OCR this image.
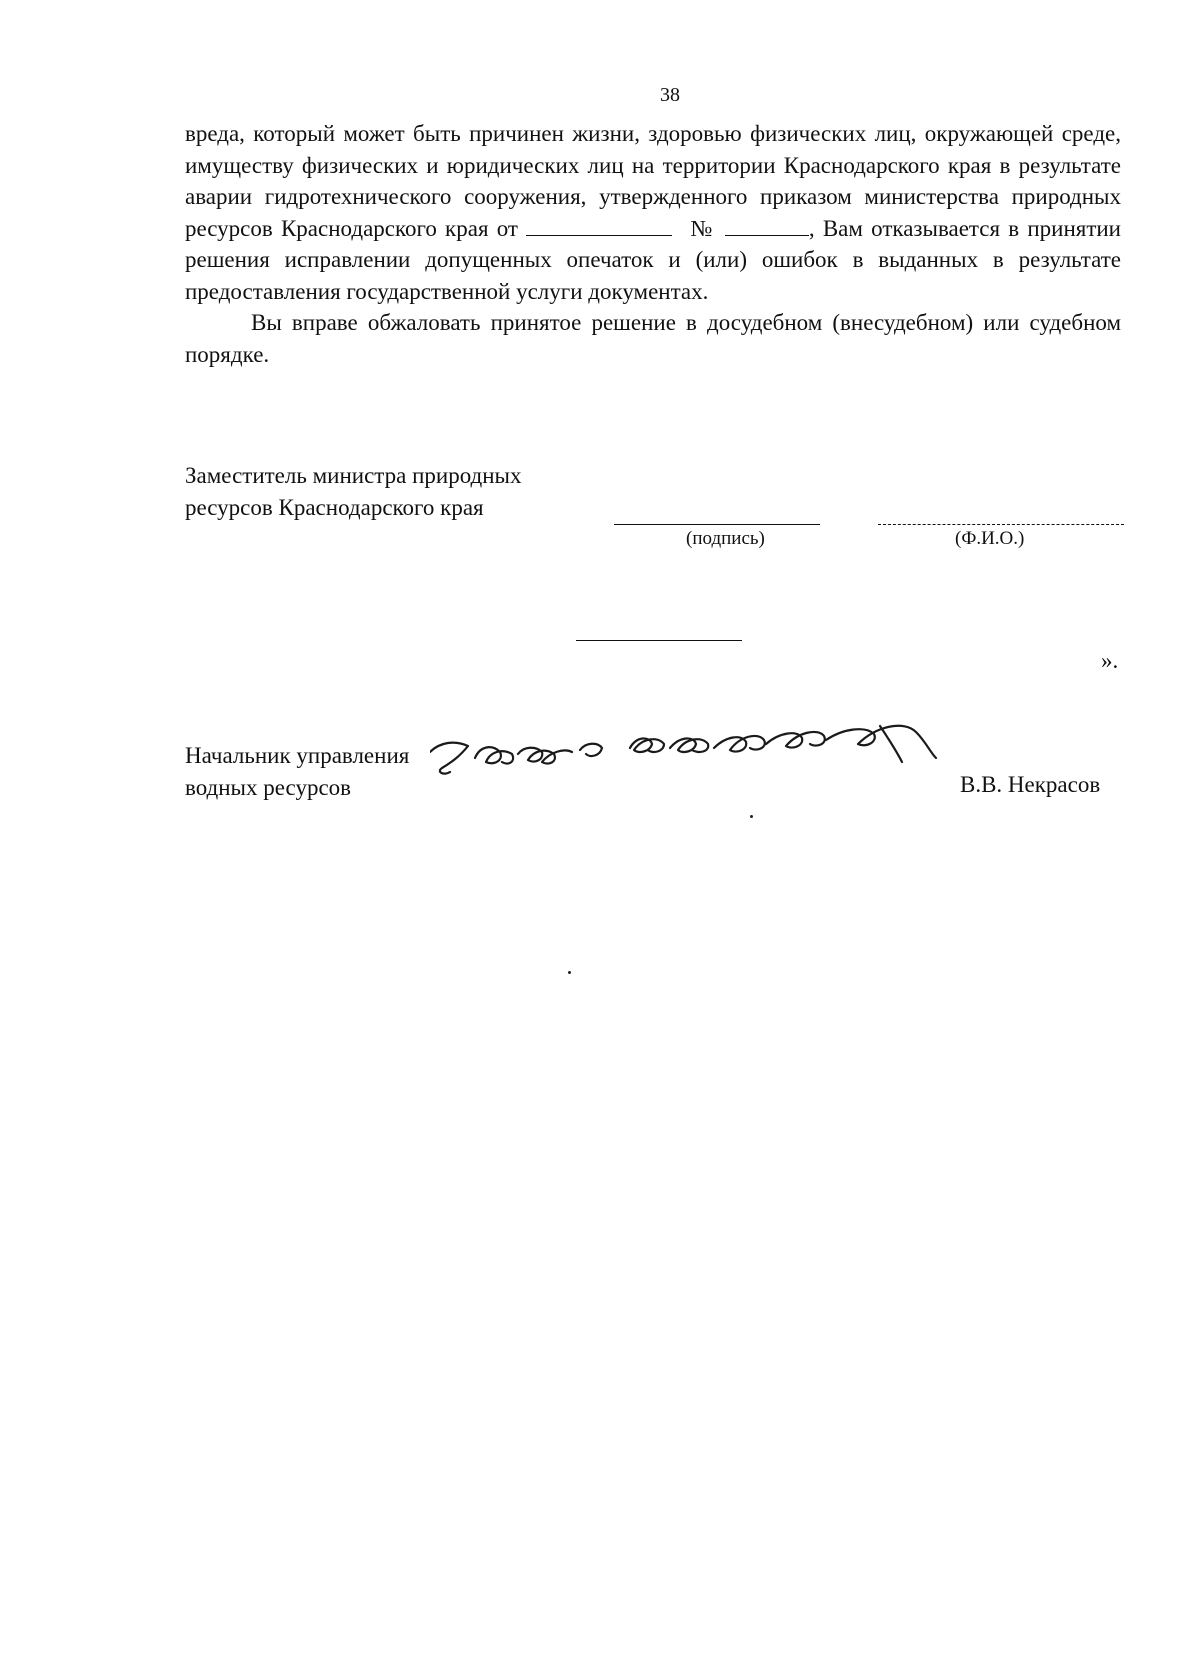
38

вреда, который может быть причинен жизни, здоровью физических лиц, окружающей среде, имуществу физических и юридических лиц на территории Краснодарского края в результате аварии гидротехнического сооружения, утвержденного приказом министерства природных ресурсов Краснодарского края от	№	, Вам отказывается в принятии решения исправлении допущенных опечаток и (или) ошибок в выданных в результате предоставления государственной услуги документах.

Вы вправе обжаловать принятое решение в досудебном (внесудебном) или судебном порядке.

Заместитель министра природных
ресурсов Краснодарского края
(подпись)	(Ф.И.О.)
».
Начальник управления
водных ресурсов	В.В. Некрасов
